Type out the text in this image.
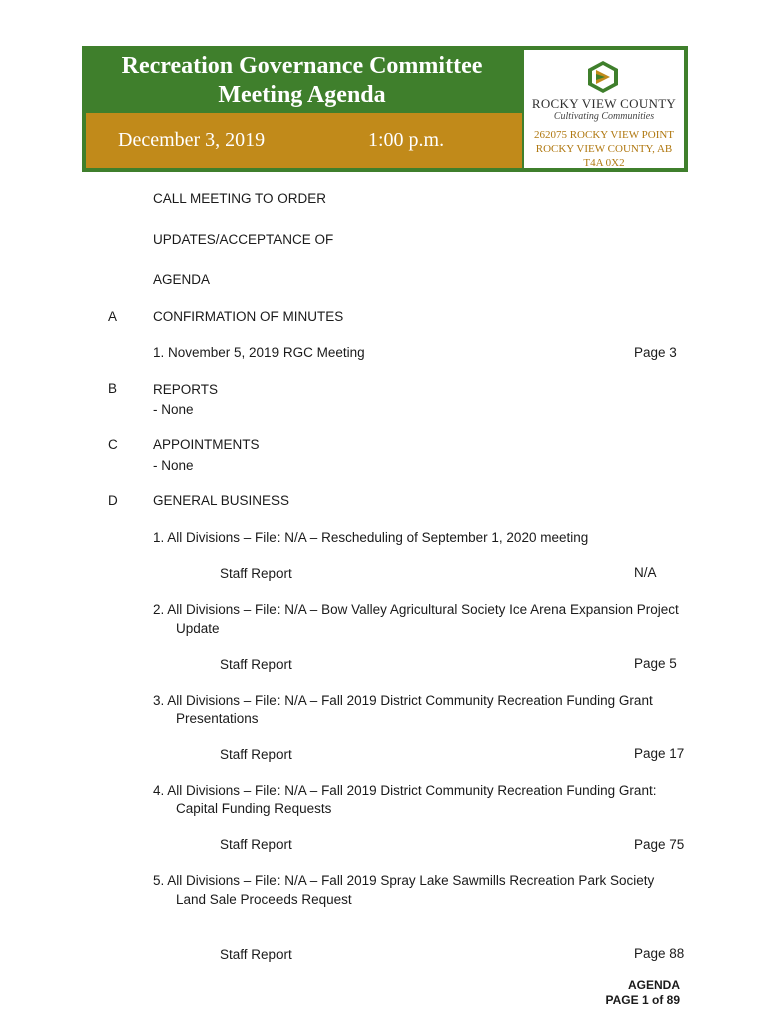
Recreation Governance Committee
Meeting Agenda
December 3, 2019	1:00 p.m.
ROCKY VIEW COUNTY
Cultivating Communities
262075 ROCKY VIEW POINT
ROCKY VIEW COUNTY, AB
T4A 0X2
CALL MEETING TO ORDER
UPDATES/ACCEPTANCE OF
AGENDA
A	CONFIRMATION OF MINUTES
1. November 5, 2019 RGC Meeting	Page 3
B	REPORTS
- None
C	APPOINTMENTS
- None
D	GENERAL BUSINESS
1. All Divisions – File: N/A – Rescheduling of September 1, 2020 meeting
Staff Report	N/A
2. All Divisions – File: N/A – Bow Valley Agricultural Society Ice Arena Expansion Project
Update
Staff Report	Page 5
3. All Divisions – File: N/A – Fall 2019 District Community Recreation Funding Grant
Presentations
Staff Report	Page 17
4. All Divisions – File: N/A – Fall 2019 District Community Recreation Funding Grant:
Capital Funding Requests
Staff Report	Page 75
5. All Divisions – File: N/A – Fall 2019 Spray Lake Sawmills Recreation Park Society
Land Sale Proceeds Request
Staff Report	Page 88
AGENDA
PAGE 1 of 89
